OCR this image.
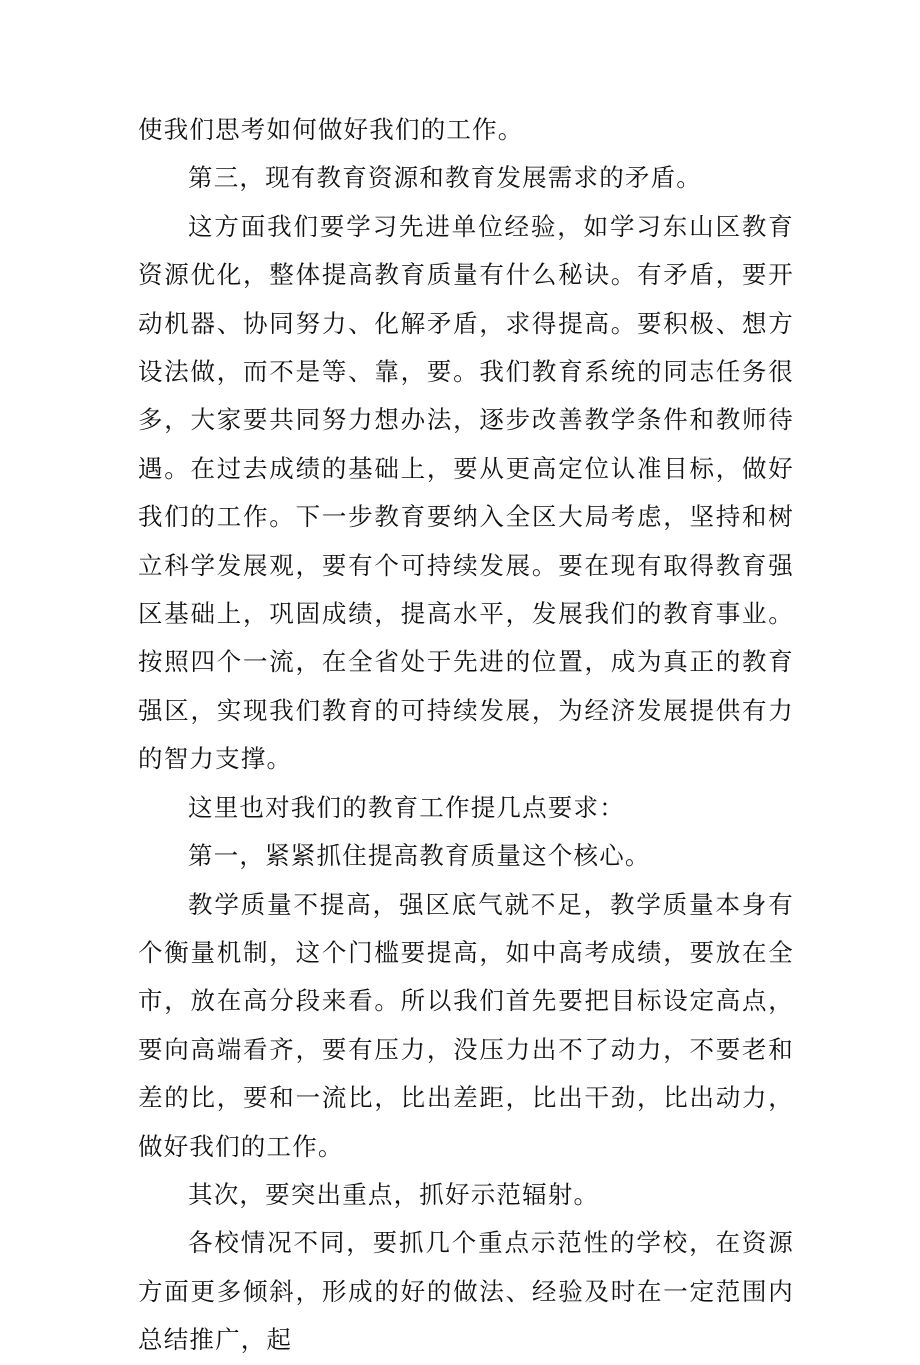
使我们思考如何做好我们的工作。

第三，现有教育资源和教育发展需求的矛盾。

这方面我们要学习先进单位经验，如学习东山区教育资源优化，整体提高教育质量有什么秘诀。有矛盾，要开动机器、协同努力、化解矛盾，求得提高。要积极、想方设法做，而不是等、靠，要。我们教育系统的同志任务很多，大家要共同努力想办法，逐步改善教学条件和教师待遇。在过去成绩的基础上，要从更高定位认准目标，做好我们的工作。下一步教育要纳入全区大局考虑，坚持和树立科学发展观，要有个可持续发展。要在现有取得教育强区基础上，巩固成绩，提高水平，发展我们的教育事业。按照四个一流，在全省处于先进的位置，成为真正的教育强区，实现我们教育的可持续发展，为经济发展提供有力的智力支撑。

这里也对我们的教育工作提几点要求：

第一，紧紧抓住提高教育质量这个核心。

教学质量不提高，强区底气就不足，教学质量本身有个衡量机制，这个门槛要提高，如中高考成绩，要放在全市，放在高分段来看。所以我们首先要把目标设定高点，要向高端看齐，要有压力，没压力出不了动力，不要老和差的比，要和一流比，比出差距，比出干劲，比出动力，做好我们的工作。

其次，要突出重点，抓好示范辐射。

各校情况不同，要抓几个重点示范性的学校，在资源方面更多倾斜，形成的好的做法、经验及时在一定范围内总结推广，起
